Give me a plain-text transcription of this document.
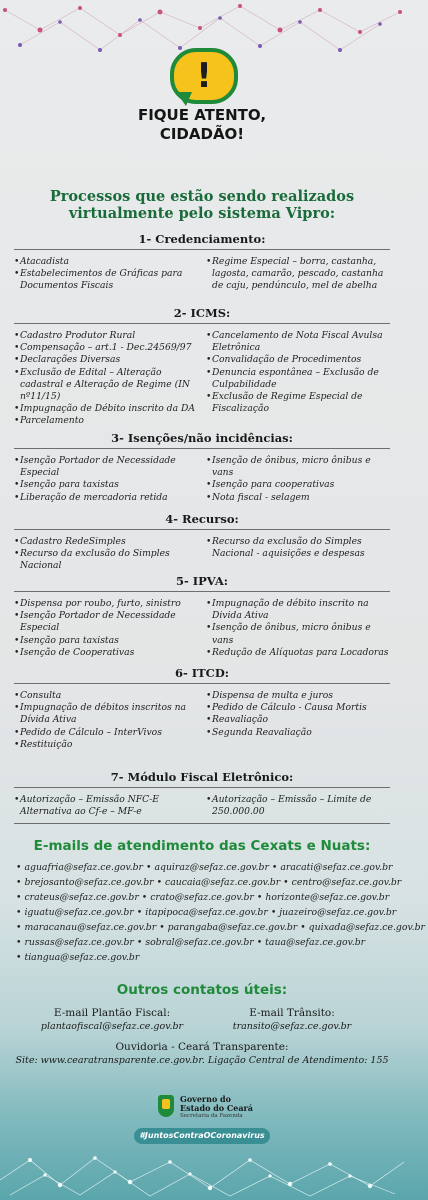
!
FIQUE ATENTO,
CIDADÃO!
Processos que estão sendo realizados
virtualmente pelo sistema Vipro:
1- Credenciamento:
• Atacadista
• Estabelecimentos de Gráficas para Documentos Fiscais
• Regime Especial – borra, castanha, lagosta, camarão, pescado, castanha de caju, pendúnculo, mel de abelha
2- ICMS:
• Cadastro Produtor Rural
• Compensação – art.1 - Dec.24569/97
• Declarações Diversas
• Exclusão de Edital – Alteração cadastral e Alteração de Regime (IN nº11/15)
• Impugnação de Débito inscrito da DA
• Parcelamento
• Cancelamento de Nota Fiscal Avulsa Eletrônica
• Convalidação de Procedimentos
• Denuncia espontânea – Exclusão de Culpabilidade
• Exclusão de Regime Especial de Fiscalização
3- Isenções/não incidências:
• Isenção Portador de Necessidade Especial
• Isenção para taxistas
• Liberação de mercadoria retida
• Isenção de ônibus, micro ônibus e vans
• Isenção para cooperativas
• Nota fiscal - selagem
4- Recurso:
• Cadastro RedeSimples
• Recurso da exclusão do Simples Nacional
• Recurso da exclusão do Simples Nacional - aquisições e despesas
5- IPVA:
• Dispensa por roubo, furto, sinistro
• Isenção Portador de Necessidade Especial
• Isenção para taxistas
• Isenção de Cooperativas
• Impugnação de débito inscrito na Divida Ativa
• Isenção de ônibus, micro ônibus e vans
• Redução de Alíquotas para Locadoras
6- ITCD:
• Consulta
• Impugnação de débitos inscritos na Dívida Ativa
• Pedido de Cálculo – InterVivos
• Restituição
• Dispensa de multa e juros
• Pedido de Cálculo - Causa Mortis
• Reavaliação
• Segunda Reavaliação
7- Módulo Fiscal Eletrônico:
• Autorização – Emissão NFC-E Alternativa ao Cf-e – MF-e
• Autorização – Emissão – Limite de 250.000.00
E-mails de atendimento das Cexats e Nuats:
• aguafria@sefaz.ce.gov.br • aquiraz@sefaz.ce.gov.br • aracati@sefaz.ce.gov.br
• brejosanto@sefaz.ce.gov.br • caucaia@sefaz.ce.gov.br • centro@sefaz.ce.gov.br
• crateus@sefaz.ce.gov.br • crato@sefaz.ce.gov.br • horizonte@sefaz.ce.gov.br
• iguatu@sefaz.ce.gov.br • itapipoca@sefaz.ce.gov.br • juazeiro@sefaz.ce.gov.br
• maracanau@sefaz.ce.gov.br • parangaba@sefaz.ce.gov.br • quixada@sefaz.ce.gov.br
• russas@sefaz.ce.gov.br • sobral@sefaz.ce.gov.br • taua@sefaz.ce.gov.br
• tiangua@sefaz.ce.gov.br
Outros contatos úteis:
E-mail Plantão Fiscal:
plantaofiscal@sefaz.ce.gov.br
E-mail Trânsito:
transito@sefaz.ce.gov.br
Ouvidoria - Ceará Transparente:
Site: www.cearatransparente.ce.gov.br. Ligação Central de Atendimento: 155
Governo do
Estado do Ceará
Secretaria da Fazenda
#JuntosContraOCoronavirus
